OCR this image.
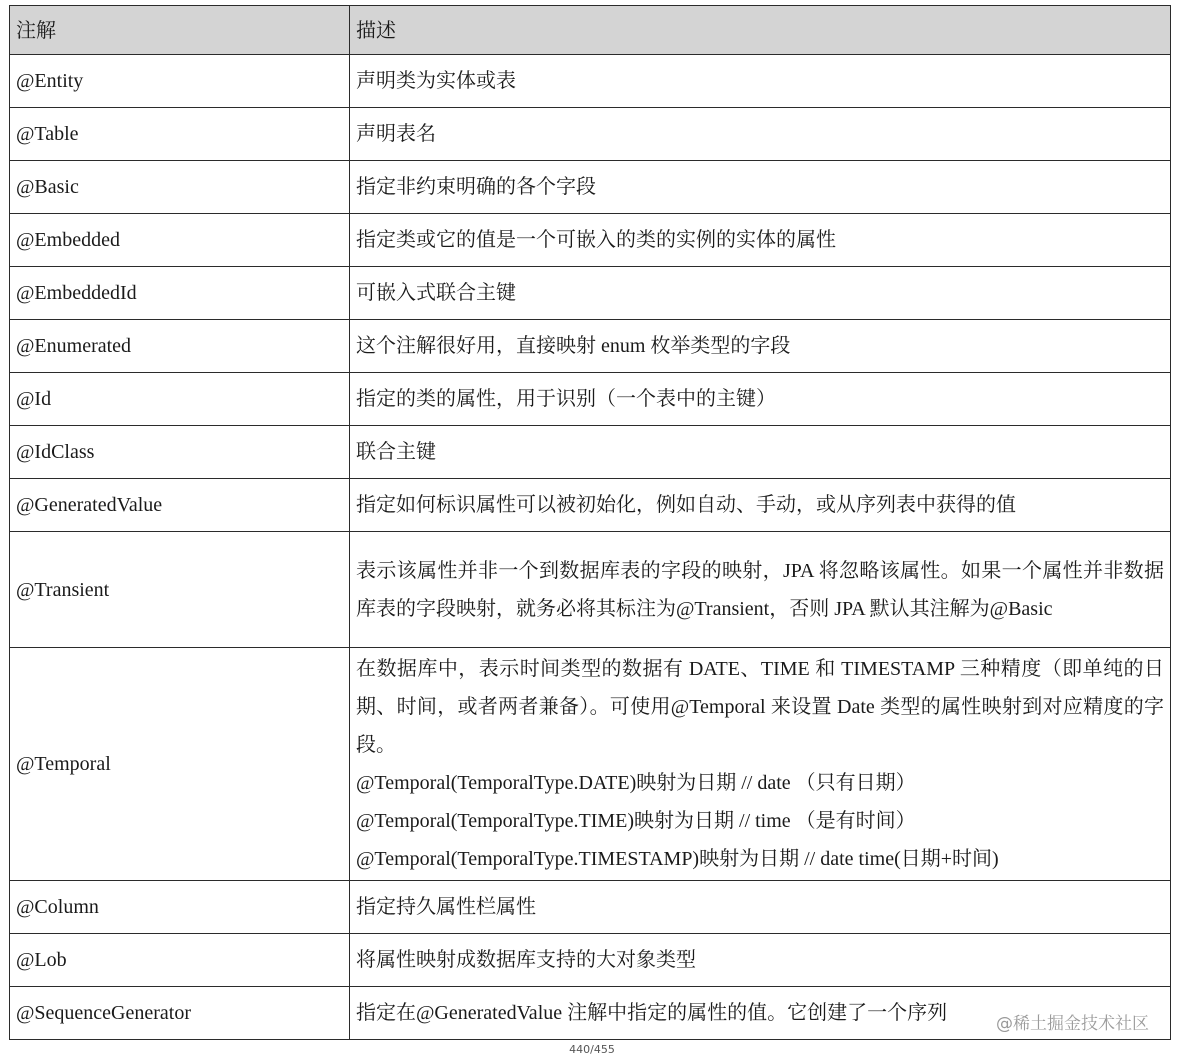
注解	描述
@Entity	声明类为实体或表

@Table	声明表名

@Basic	指定非约束明确的各个字段

@Embedded	指定类或它的值是一个可嵌入的类的实例的实体的属性

@EmbeddedId	可嵌入式联合主键

@Enumerated	这个注解很好用，直接映射 enum 枚举类型的字段

@Id	指定的类的属性，用于识别（一个表中的主键）

@IdClass	联合主键

@GeneratedValue	指定如何标识属性可以被初始化，例如自动、手动，或从序列表中获得的值

@Transient	表示该属性并非一个到数据库表的字段的映射，JPA 将忽略该属性。如果一个属性并非数据库表的字段映射，就务必将其标注为@Transient，否则 JPA 默认其注解为@Basic

@Temporal	在数据库中，表示时间类型的数据有 DATE、TIME 和 TIMESTAMP 三种精度（即单纯的日期、时间，或者两者兼备）。可使用@Temporal 来设置 Date 类型的属性映射到对应精度的字段。
@Temporal(TemporalType.DATE)映射为日期 // date （只有日期）
@Temporal(TemporalType.TIME)映射为日期 // time （是有时间）
@Temporal(TemporalType.TIMESTAMP)映射为日期 // date time(日期+时间)

@Column	指定持久属性栏属性

@Lob	将属性映射成数据库支持的大对象类型

@SequenceGenerator	指定在@GeneratedValue 注解中指定的属性的值。它创建了一个序列	@稀土掘金技术社区
440/455
